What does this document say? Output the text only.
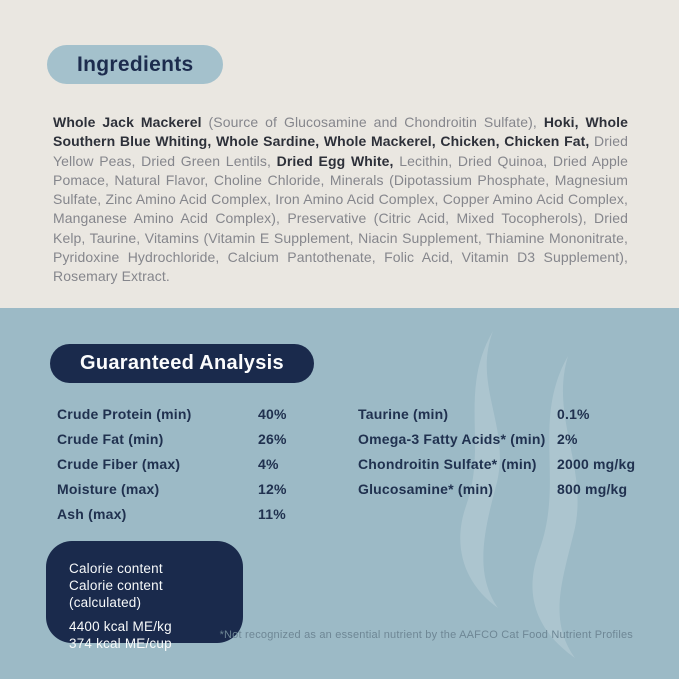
Ingredients

Whole Jack Mackerel (Source of Glucosamine and Chondroitin Sulfate), Hoki, Whole Southern Blue Whiting, Whole Sardine, Whole Mackerel, Chicken, Chicken Fat, Dried Yellow Peas, Dried Green Lentils, Dried Egg White, Lecithin, Dried Quinoa, Dried Apple Pomace, Natural Flavor, Choline Chloride, Minerals (Dipotassium Phosphate, Magnesium Sulfate, Zinc Amino Acid Complex, Iron Amino Acid Complex, Copper Amino Acid Complex, Manganese Amino Acid Complex), Preservative (Citric Acid, Mixed Tocopherols), Dried Kelp, Taurine, Vitamins (Vitamin E Supplement, Niacin Supplement, Thiamine Mononitrate, Pyridoxine Hydrochloride, Calcium Pantothenate, Folic Acid, Vitamin D3 Supplement), Rosemary Extract.

Guaranteed Analysis
Crude Protein (min)	40%
Crude Fat (min)	26%
Crude Fiber (max)	4%
Moisture (max)	12%
Ash (max)	11%
Taurine (min)	0.1%
Omega-3 Fatty Acids* (min) 2%
Chondroitin Sulfate* (min)	2000 mg/kg
Glucosamine* (min)	800 mg/kg
Calorie content
Calorie content (calculated)
4400 kcal ME/kg
374 kcal ME/cup
*Not recognized as an essential nutrient by the AAFCO Cat Food Nutrient Profiles
